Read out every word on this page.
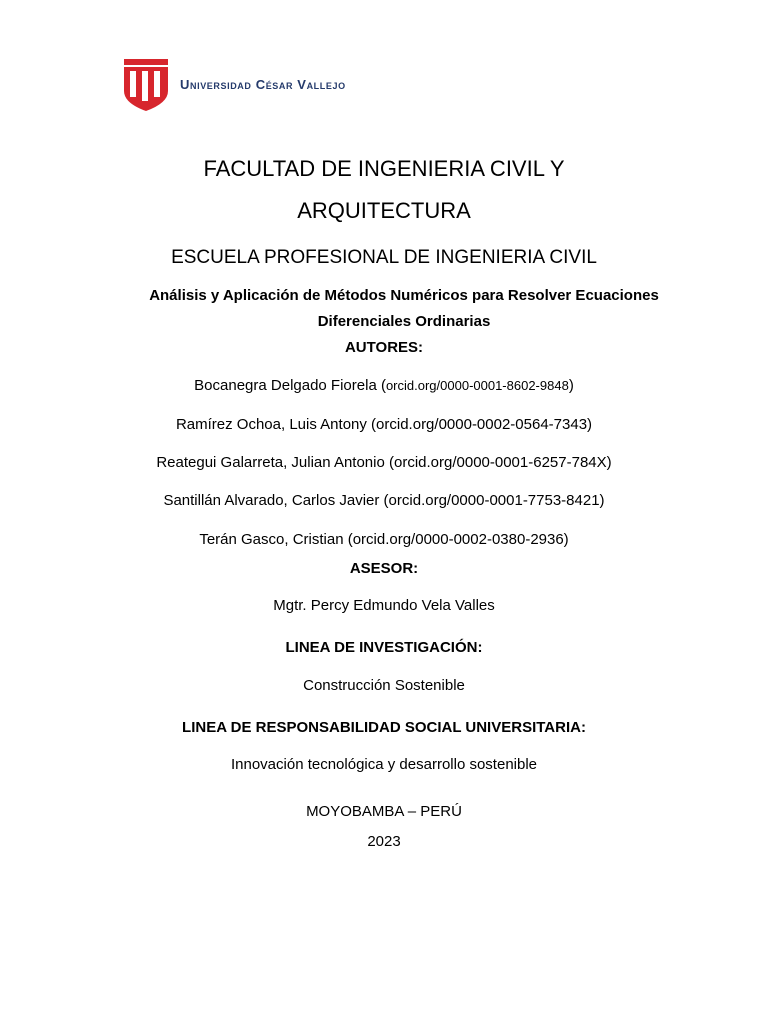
Universidad César Vallejo
FACULTAD DE INGENIERIA CIVIL Y
ARQUITECTURA
ESCUELA PROFESIONAL DE INGENIERIA CIVIL
Análisis y Aplicación de Métodos Numéricos para Resolver Ecuaciones
Diferenciales Ordinarias
AUTORES:
Bocanegra Delgado Fiorela (orcid.org/0000-0001-8602-9848)
Ramírez Ochoa, Luis Antony (orcid.org/0000-0002-0564-7343)
Reategui Galarreta, Julian Antonio (orcid.org/0000-0001-6257-784X)
Santillán Alvarado, Carlos Javier (orcid.org/0000-0001-7753-8421)
Terán Gasco, Cristian (orcid.org/0000-0002-0380-2936)
ASESOR:
Mgtr. Percy Edmundo Vela Valles
LINEA DE INVESTIGACIÓN:
Construcción Sostenible
LINEA DE RESPONSABILIDAD SOCIAL UNIVERSITARIA:
Innovación tecnológica y desarrollo sostenible
MOYOBAMBA – PERÚ
2023
